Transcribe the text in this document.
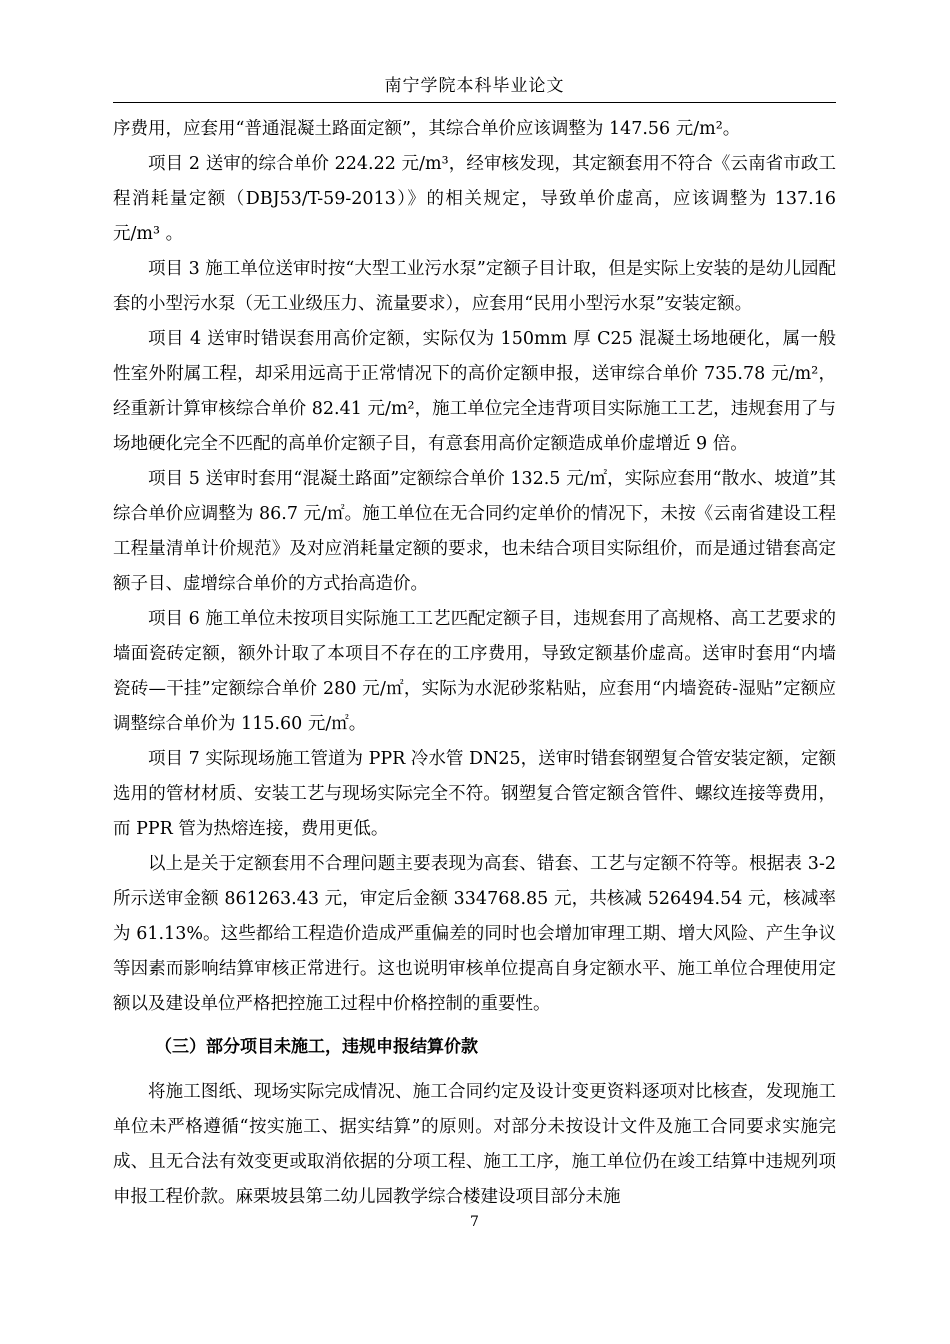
南宁学院本科毕业论文

序费用，应套用“普通混凝土路面定额”，其综合单价应该调整为 147.56 元/m²。

项目 2 送审的综合单价 224.22 元/m³，经审核发现，其定额套用不符合《云南省市政工程消耗量定额（DBJ53/T-59-2013）》的相关规定，导致单价虚高，应该调整为 137.16 元/m³ 。

项目 3 施工单位送审时按“大型工业污水泵”定额子目计取，但是实际上安装的是幼儿园配套的小型污水泵（无工业级压力、流量要求），应套用“民用小型污水泵”安装定额。

项目 4 送审时错误套用高价定额，实际仅为 150mm 厚 C25 混凝土场地硬化，属一般性室外附属工程，却采用远高于正常情况下的高价定额申报，送审综合单价 735.78 元/m²，经重新计算审核综合单价 82.41 元/m²，施工单位完全违背项目实际施工工艺，违规套用了与场地硬化完全不匹配的高单价定额子目，有意套用高价定额造成单价虚增近 9 倍。

项目 5 送审时套用“混凝土路面”定额综合单价 132.5 元/㎡，实际应套用“散水、坡道”其综合单价应调整为 86.7 元/㎡。施工单位在无合同约定单价的情况下，未按《云南省建设工程工程量清单计价规范》及对应消耗量定额的要求，也未结合项目实际组价，而是通过错套高定额子目、虚增综合单价的方式抬高造价。

项目 6 施工单位未按项目实际施工工艺匹配定额子目，违规套用了高规格、高工艺要求的墙面瓷砖定额，额外计取了本项目不存在的工序费用，导致定额基价虚高。送审时套用“内墙瓷砖—干挂”定额综合单价 280 元/㎡，实际为水泥砂浆粘贴，应套用“内墙瓷砖-湿贴”定额应调整综合单价为 115.60 元/㎡。

项目 7 实际现场施工管道为 PPR 冷水管 DN25，送审时错套钢塑复合管安装定额，定额选用的管材材质、安装工艺与现场实际完全不符。钢塑复合管定额含管件、螺纹连接等费用，而 PPR 管为热熔连接，费用更低。

以上是关于定额套用不合理问题主要表现为高套、错套、工艺与定额不符等。根据表 3-2 所示送审金额 861263.43 元，审定后金额 334768.85 元，共核减 526494.54 元，核减率为 61.13%。这些都给工程造价造成严重偏差的同时也会增加审理工期、增大风险、产生争议等因素而影响结算审核正常进行。这也说明审核单位提高自身定额水平、施工单位合理使用定额以及建设单位严格把控施工过程中价格控制的重要性。

（三）部分项目未施工，违规申报结算价款

将施工图纸、现场实际完成情况、施工合同约定及设计变更资料逐项对比核查，发现施工单位未严格遵循“按实施工、据实结算”的原则。对部分未按设计文件及施工合同要求实施完成、且无合法有效变更或取消依据的分项工程、施工工序，施工单位仍在竣工结算中违规列项申报工程价款。麻栗坡县第二幼儿园教学综合楼建设项目部分未施

7
